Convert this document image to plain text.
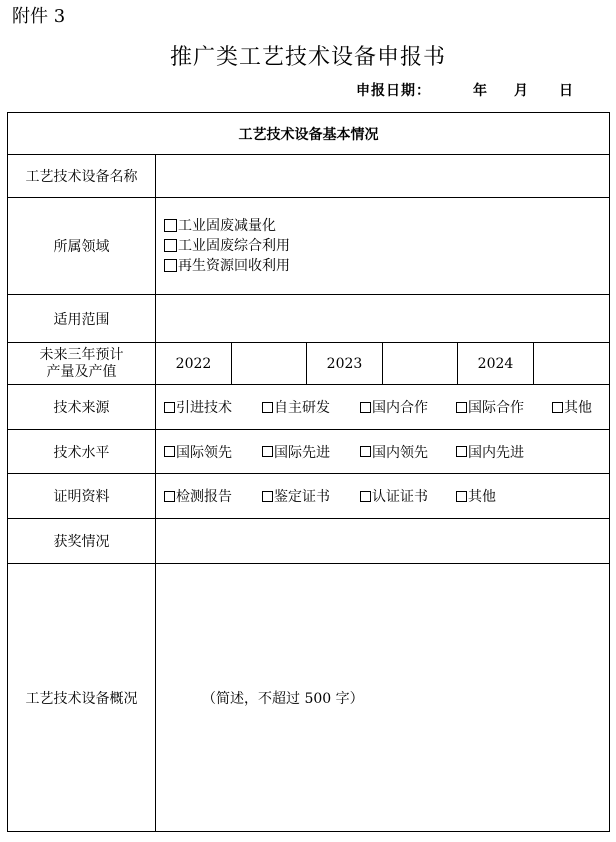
附件 3
推广类工艺技术设备申报书
申报日期：	年 月 日
工艺技术设备基本情况						
工艺技术设备名称						
所属领域	工业固废减量化
工业固废综合利用
再生资源回收利用					

适用范围						
未来三年预计
产量及产值	2022		2023		2024	
技术来源	引进技术 自主研发 国内合作 国际合作 其他					
技术水平	国际领先 国际先进 国内领先 国内先进					
证明资料	检测报告 鉴定证书 认证证书 其他					
获奖情况						
工艺技术设备概况	（简述，不超过 500 字）					
